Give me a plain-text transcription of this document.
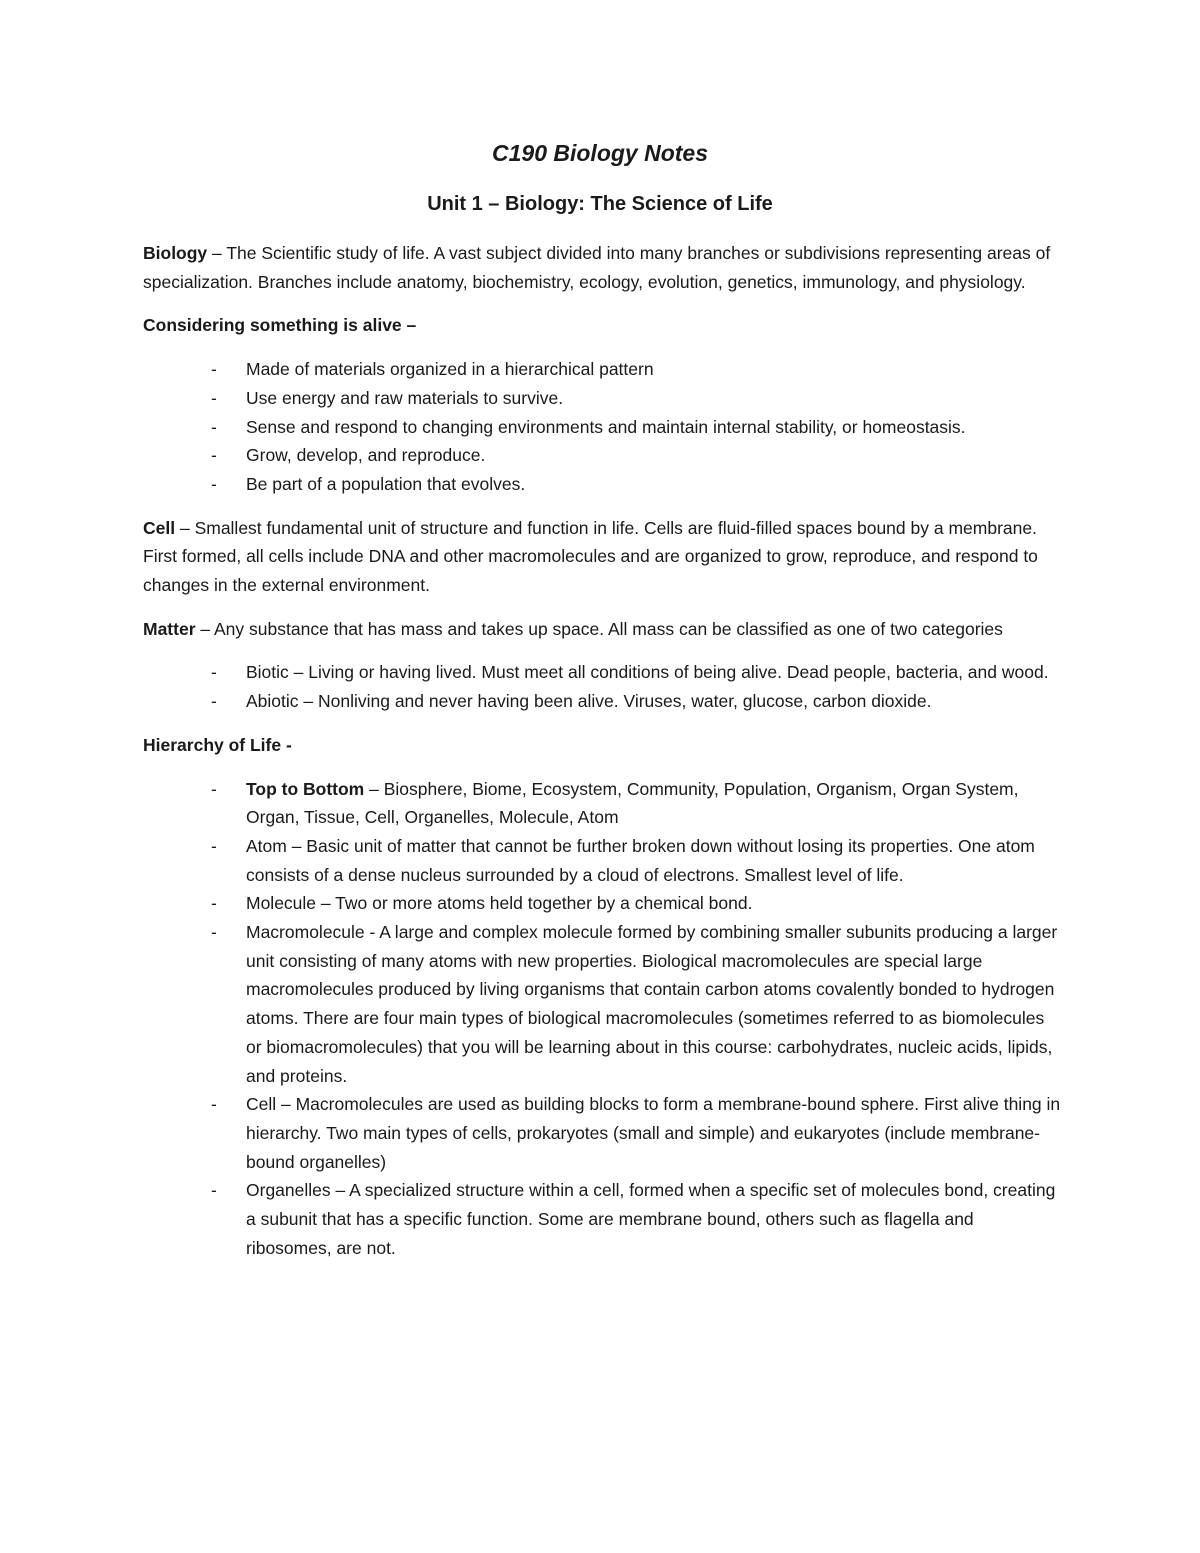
C190 Biology Notes
Unit 1 – Biology: The Science of Life

Biology – The Scientific study of life. A vast subject divided into many branches or subdivisions representing areas of specialization. Branches include anatomy, biochemistry, ecology, evolution, genetics, immunology, and physiology.

Considering something is alive –

- Made of materials organized in a hierarchical pattern
- Use energy and raw materials to survive.
- Sense and respond to changing environments and maintain internal stability, or homeostasis.
- Grow, develop, and reproduce.
- Be part of a population that evolves.

Cell – Smallest fundamental unit of structure and function in life. Cells are fluid-filled spaces bound by a membrane. First formed, all cells include DNA and other macromolecules and are organized to grow, reproduce, and respond to changes in the external environment.

Matter – Any substance that has mass and takes up space. All mass can be classified as one of two categories

- Biotic – Living or having lived. Must meet all conditions of being alive. Dead people, bacteria, and wood.
- Abiotic – Nonliving and never having been alive. Viruses, water, glucose, carbon dioxide.

Hierarchy of Life -

- Top to Bottom – Biosphere, Biome, Ecosystem, Community, Population, Organism, Organ System, Organ, Tissue, Cell, Organelles, Molecule, Atom
- Atom – Basic unit of matter that cannot be further broken down without losing its properties. One atom consists of a dense nucleus surrounded by a cloud of electrons. Smallest level of life.
- Molecule – Two or more atoms held together by a chemical bond.
- Macromolecule - A large and complex molecule formed by combining smaller subunits producing a larger unit consisting of many atoms with new properties. Biological macromolecules are special large macromolecules produced by living organisms that contain carbon atoms covalently bonded to hydrogen atoms. There are four main types of biological macromolecules (sometimes referred to as biomolecules or biomacromolecules) that you will be learning about in this course: carbohydrates, nucleic acids, lipids, and proteins.
- Cell – Macromolecules are used as building blocks to form a membrane-bound sphere. First alive thing in hierarchy. Two main types of cells, prokaryotes (small and simple) and eukaryotes (include membrane-bound organelles)
- Organelles – A specialized structure within a cell, formed when a specific set of molecules bond, creating a subunit that has a specific function. Some are membrane bound, others such as flagella and ribosomes, are not.
